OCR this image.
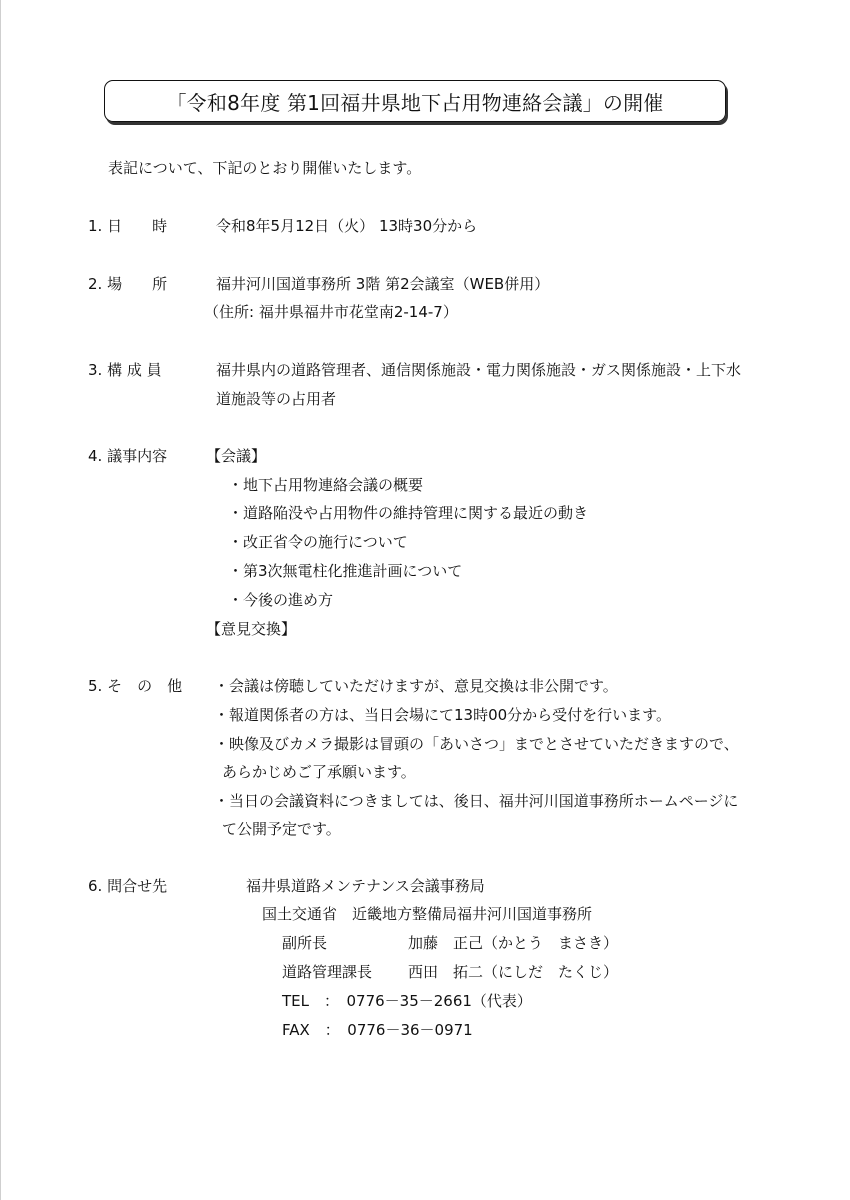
「令和8年度 第1回福井県地下占用物連絡会議」の開催
表記について、下記のとおり開催いたします。
1. 日　　時	令和8年5月12日（火） 13時30分から
2. 場　　所	福井河川国道事務所 3階 第2会議室（WEB併用）
（住所: 福井県福井市花堂南2-14-7）
3. 構 成 員	福井県内の道路管理者、通信関係施設・電力関係施設・ガス関係施設・上下水
道施設等の占用者
4. 議事内容	【会議】
・地下占用物連絡会議の概要
・道路陥没や占用物件の維持管理に関する最近の動き
・改正省令の施行について
・第3次無電柱化推進計画について
・今後の進め方
【意見交換】
5. そ　の　他 ・会議は傍聴していただけますが、意見交換は非公開です。
・報道関係者の方は、当日会場にて13時00分から受付を行います。
・映像及びカメラ撮影は冒頭の「あいさつ」までとさせていただきますので、
あらかじめご了承願います。
・当日の会議資料につきましては、後日、福井河川国道事務所ホームページに
て公開予定です。
6. 問合せ先	福井県道路メンテナンス会議事務局
国土交通省　近畿地方整備局福井河川国道事務所
副所長	加藤　正己（かとう　まさき）
道路管理課長 西田　拓二（にしだ　たくじ）
TEL　：　0776－35－2661（代表）
FAX　：　0776－36－0971
